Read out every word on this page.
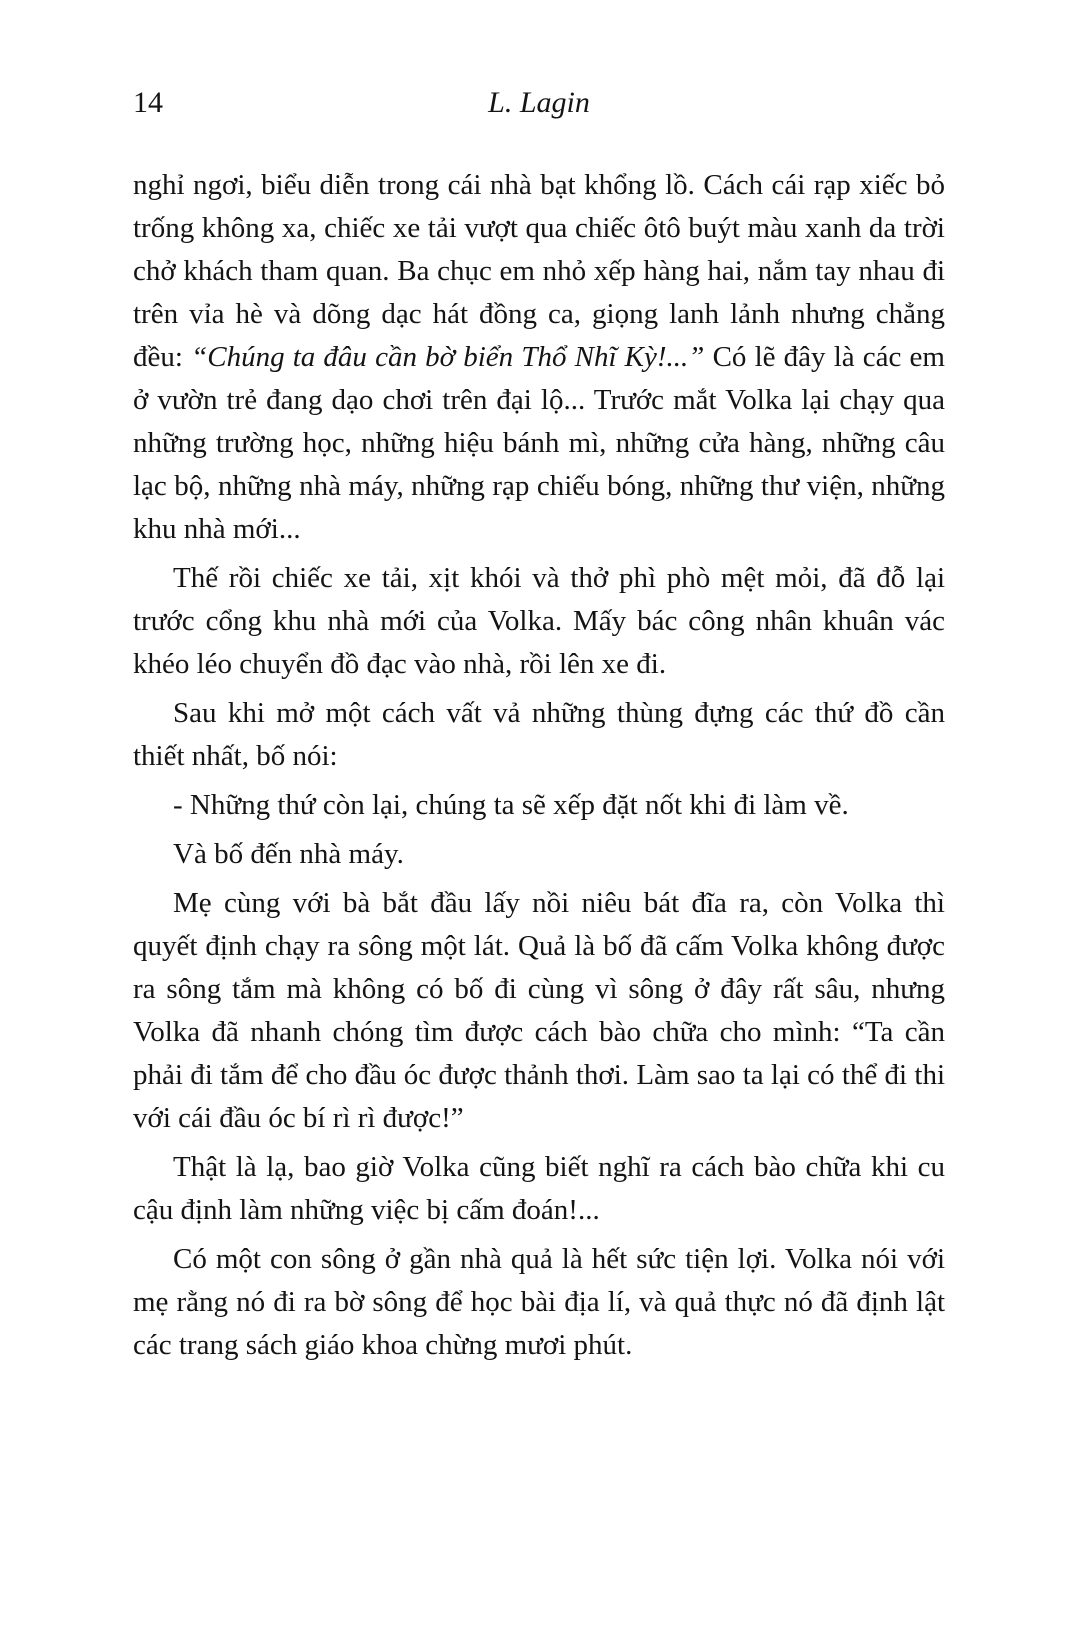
14	L. Lagin

nghỉ ngơi, biểu diễn trong cái nhà bạt khổng lồ. Cách cái rạp xiếc bỏ trống không xa, chiếc xe tải vượt qua chiếc ôtô buýt màu xanh da trời chở khách tham quan. Ba chục em nhỏ xếp hàng hai, nắm tay nhau đi trên vỉa hè và dõng dạc hát đồng ca, giọng lanh lảnh nhưng chẳng đều: “Chúng ta đâu cần bờ biển Thổ Nhĩ Kỳ!...” Có lẽ đây là các em ở vườn trẻ đang dạo chơi trên đại lộ... Trước mắt Volka lại chạy qua những trường học, những hiệu bánh mì, những cửa hàng, những câu lạc bộ, những nhà máy, những rạp chiếu bóng, những thư viện, những khu nhà mới...

Thế rồi chiếc xe tải, xịt khói và thở phì phò mệt mỏi, đã đỗ lại trước cổng khu nhà mới của Volka. Mấy bác công nhân khuân vác khéo léo chuyển đồ đạc vào nhà, rồi lên xe đi.

Sau khi mở một cách vất vả những thùng đựng các thứ đồ cần thiết nhất, bố nói:

- Những thứ còn lại, chúng ta sẽ xếp đặt nốt khi đi làm về.

Và bố đến nhà máy.

Mẹ cùng với bà bắt đầu lấy nồi niêu bát đĩa ra, còn Volka thì quyết định chạy ra sông một lát. Quả là bố đã cấm Volka không được ra sông tắm mà không có bố đi cùng vì sông ở đây rất sâu, nhưng Volka đã nhanh chóng tìm được cách bào chữa cho mình: “Ta cần phải đi tắm để cho đầu óc được thảnh thơi. Làm sao ta lại có thể đi thi với cái đầu óc bí rì rì được!”

Thật là lạ, bao giờ Volka cũng biết nghĩ ra cách bào chữa khi cu cậu định làm những việc bị cấm đoán!...

Có một con sông ở gần nhà quả là hết sức tiện lợi. Volka nói với mẹ rằng nó đi ra bờ sông để học bài địa lí, và quả thực nó đã định lật các trang sách giáo khoa chừng mươi phút.
